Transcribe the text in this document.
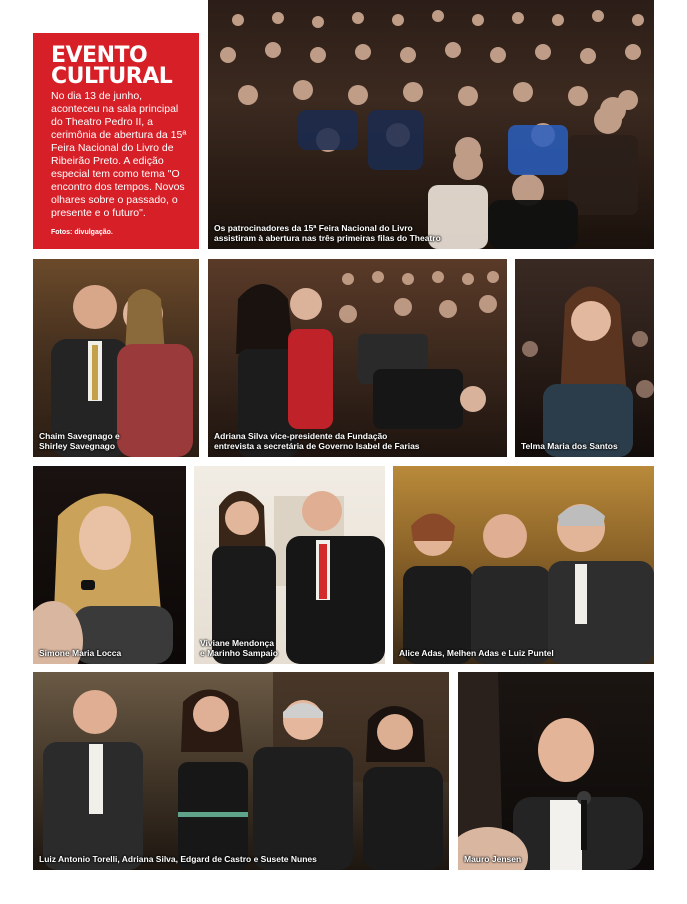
EVENTO
CULTURAL

No dia 13 de junho, aconteceu na sala principal do Theatro Pedro II, a cerimônia de abertura da 15ª Feira Nacional do Livro de Ribeirão Preto. A edição especial tem como tema "O encontro dos tempos. Novos olhares sobre o passado, o presente e o futuro".

Fotos: divulgação.	Os patrocinadores da 15ª Feira Nacional do Livro
assistiram à abertura nas três primeiras filas do Theatro
Chaim Savegnago e
Shirley Savegnago
Adriana Silva vice-presidente da Fundação
entrevista a secretária de Governo Isabel de Farias	Telma Maria dos Santos
Simone Maria Locca
Viviane Mendonça
e Marinho Sampaio	Alice Adas, Melhen Adas e Luiz Puntel
Luiz Antonio Torelli, Adriana Silva, Edgard de Castro e Susete Nunes	Mauro Jensen
